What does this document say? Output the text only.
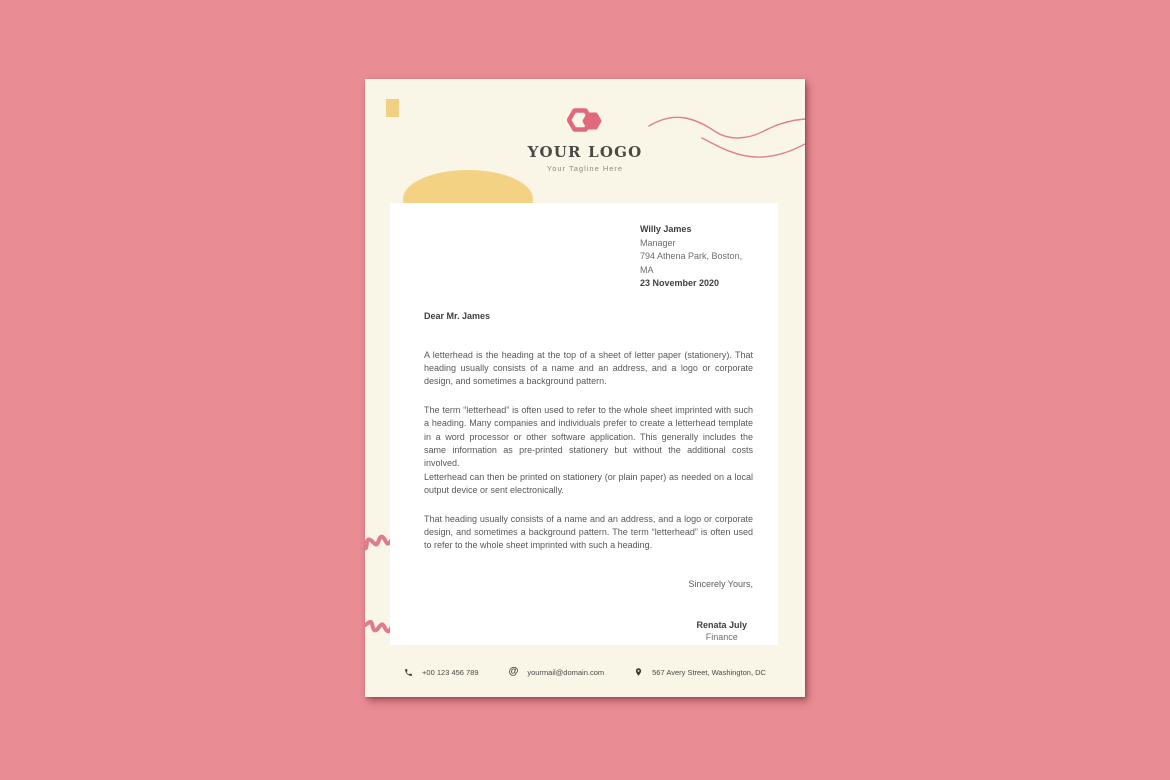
YOUR LOGO
Your Tagline Here
Willy James
Manager
794 Athena Park, Boston, MA
23 November 2020
Dear Mr. James

A letterhead is the heading at the top of a sheet of letter paper (stationery). That heading usually consists of a name and an address, and a logo or corporate design, and sometimes a background pattern.

The term “letterhead” is often used to refer to the whole sheet imprinted with such a heading. Many companies and individuals prefer to create a letterhead template in a word processor or other software application. This generally includes the same information as pre-printed stationery but without the additional costs involved.

Letterhead can then be printed on stationery (or plain paper) as needed on a local output device or sent electronically.

That heading usually consists of a name and an address, and a logo or corporate design, and sometimes a background pattern. The term “letterhead” is often used to refer to the whole sheet imprinted with such a heading.

Sincerely Yours,
Renata July
Finance
+00 123 456 789	@ yourmail@domain.com	567 Avery Street, Washington, DC
